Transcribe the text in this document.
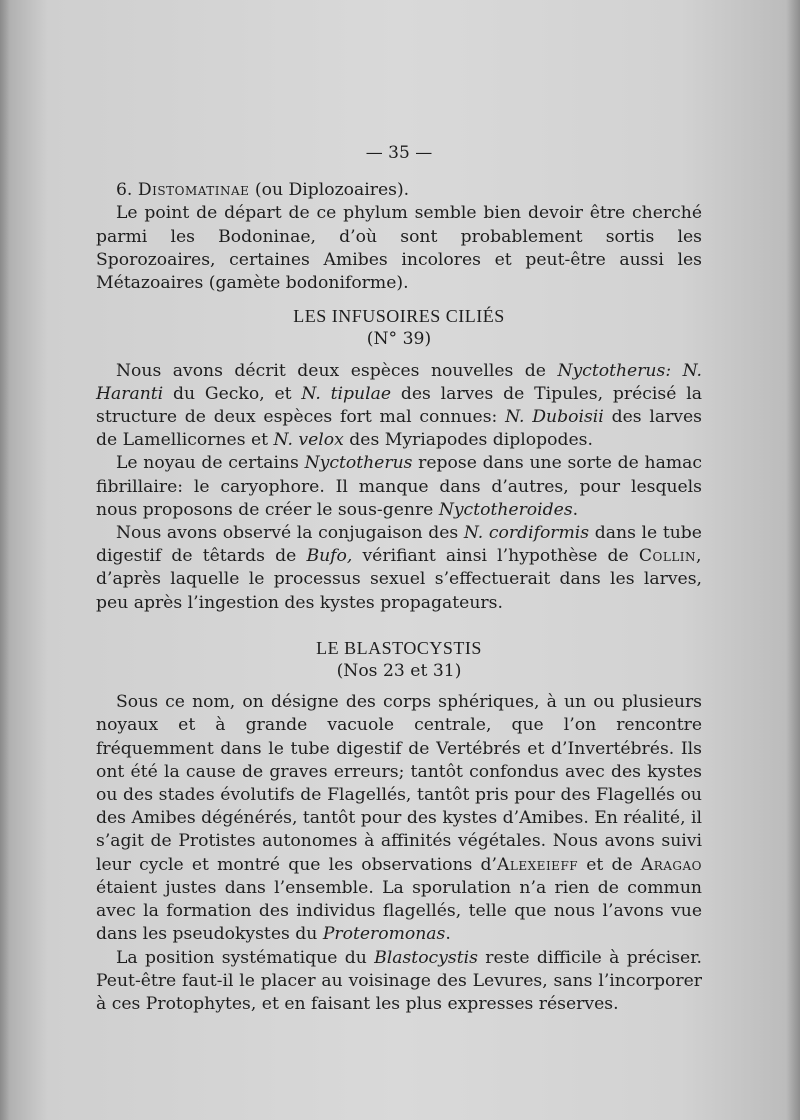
— 35 —

6. Distomatinae (ou Diplozoaires).

Le point de départ de ce phylum semble bien devoir être cherché parmi les Bodoninae, d’où sont probablement sortis les Sporozoaires, certaines Amibes incolores et peut-être aussi les Métazoaires (gamète bodoniforme).

LES INFUSOIRES CILIÉS
(N° 39)

Nous avons décrit deux espèces nouvelles de Nyctotherus: N. Haranti du Gecko, et N. tipulae des larves de Tipules, précisé la structure de deux espèces fort mal connues: N. Duboisii des larves de Lamellicornes et N. velox des Myriapodes diplopodes.

Le noyau de certains Nyctotherus repose dans une sorte de hamac fibrillaire: le caryophore. Il manque dans d’autres, pour lesquels nous proposons de créer le sous-genre Nyctotheroides.

Nous avons observé la conjugaison des N. cordiformis dans le tube digestif de têtards de Bufo, vérifiant ainsi l’hypothèse de Collin, d’après laquelle le processus sexuel s’effectuerait dans les larves, peu après l’ingestion des kystes propagateurs.

LE BLASTOCYSTIS
(Nos 23 et 31)

Sous ce nom, on désigne des corps sphériques, à un ou plusieurs noyaux et à grande vacuole centrale, que l’on rencontre fréquemment dans le tube digestif de Vertébrés et d’Invertébrés. Ils ont été la cause de graves erreurs; tantôt confondus avec des kystes ou des stades évolutifs de Flagellés, tantôt pris pour des Flagellés ou des Amibes dégénérés, tantôt pour des kystes d’Amibes. En réalité, il s’agit de Protistes autonomes à affinités végétales. Nous avons suivi leur cycle et montré que les observations d’Alexeieff et de Aragao étaient justes dans l’ensemble. La sporulation n’a rien de commun avec la formation des individus flagellés, telle que nous l’avons vue dans les pseudokystes du Proteromonas.

La position systématique du Blastocystis reste difficile à préciser. Peut-être faut-il le placer au voisinage des Levures, sans l’incorporer à ces Protophytes, et en faisant les plus expresses réserves.
